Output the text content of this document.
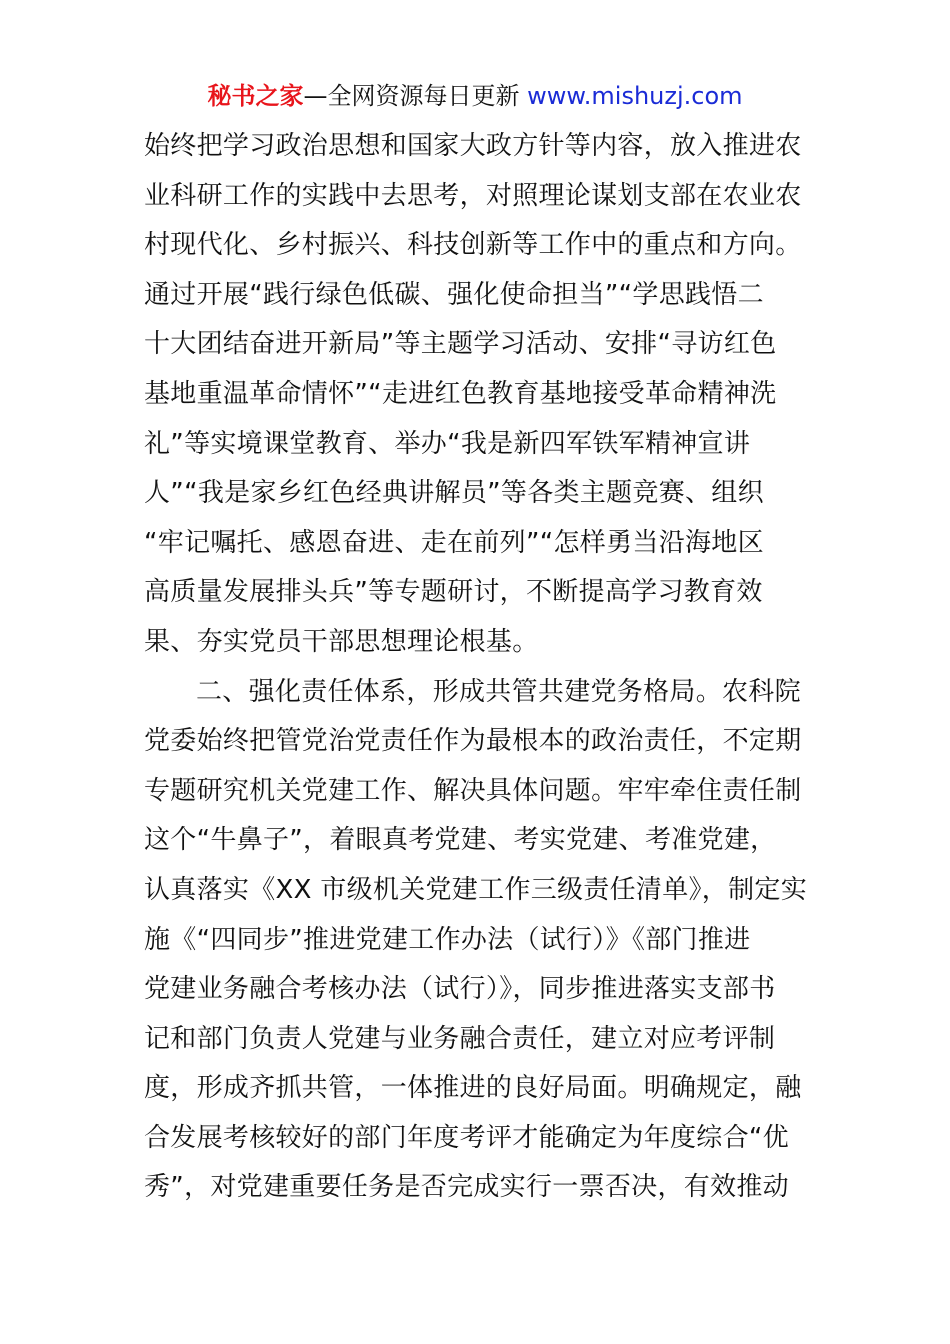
秘书之家—全网资源每日更新 www.mishuzj.com
始终把学习政治思想和国家大政方针等内容，放入推进农
业科研工作的实践中去思考，对照理论谋划支部在农业农
村现代化、乡村振兴、科技创新等工作中的重点和方向。
通过开展“践行绿色低碳、强化使命担当”“学思践悟二
十大团结奋进开新局”等主题学习活动、安排“寻访红色
基地重温革命情怀”“走进红色教育基地接受革命精神洗
礼”等实境课堂教育、举办“我是新四军铁军精神宣讲
人”“我是家乡红色经典讲解员”等各类主题竞赛、组织
“牢记嘱托、感恩奋进、走在前列”“怎样勇当沿海地区
高质量发展排头兵”等专题研讨，不断提高学习教育效
果、夯实党员干部思想理论根基。
二、强化责任体系，形成共管共建党务格局。农科院
党委始终把管党治党责任作为最根本的政治责任，不定期
专题研究机关党建工作、解决具体问题。牢牢牵住责任制
这个“牛鼻子”，着眼真考党建、考实党建、考准党建，
认真落实《XX 市级机关党建工作三级责任清单》，制定实
施《“四同步”推进党建工作办法（试行）》《部门推进
党建业务融合考核办法（试行）》，同步推进落实支部书
记和部门负责人党建与业务融合责任，建立对应考评制
度，形成齐抓共管，一体推进的良好局面。明确规定，融
合发展考核较好的部门年度考评才能确定为年度综合“优
秀”，对党建重要任务是否完成实行一票否决，有效推动
